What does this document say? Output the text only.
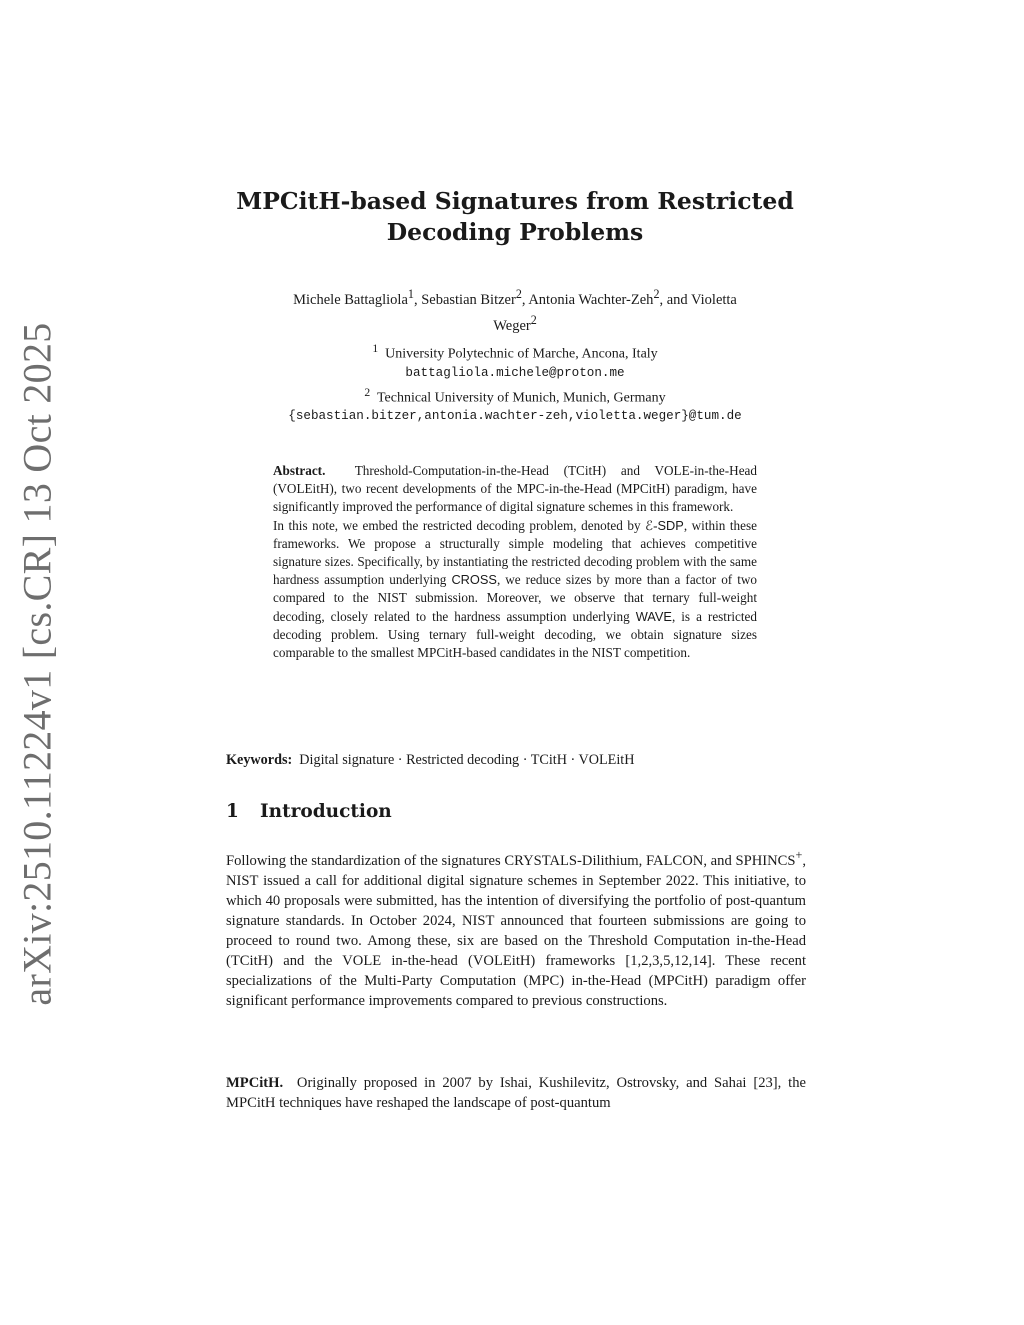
arXiv:2510.11224v1 [cs.CR] 13 Oct 2025
MPCitH-based Signatures from Restricted
Decoding Problems
Michele Battagliola$^1$, Sebastian Bitzer$^2$, Antonia Wachter-Zeh$^2$, and Violetta
Weger$^2$
$^1$ University Polytechnic of Marche, Ancona, Italy
battagliola.michele@proton.me
$^2$ Technical University of Munich, Munich, Germany
{sebastian.bitzer,antonia.wachter-zeh,violetta.weger}@tum.de

Abstract. Threshold-Computation-in-the-Head (TCitH) and VOLE-in-the-Head (VOLEitH), two recent developments of the MPC-in-the-Head (MPCitH) paradigm, have significantly improved the performance of digital signature schemes in this framework.

In this note, we embed the restricted decoding problem, denoted by ℰ-SDP, within these frameworks. We propose a structurally simple modeling that achieves competitive signature sizes. Specifically, by instantiating the restricted decoding problem with the same hardness assumption underlying CROSS, we reduce sizes by more than a factor of two compared to the NIST submission. Moreover, we observe that ternary full-weight decoding, closely related to the hardness assumption underlying WAVE, is a restricted decoding problem. Using ternary full-weight decoding, we obtain signature sizes comparable to the smallest MPCitH-based candidates in the NIST competition.

Keywords: Digital signature · Restricted decoding · TCitH · VOLEitH
1 Introduction

Following the standardization of the signatures CRYSTALS-Dilithium, FALCON, and SPHINCS+, NIST issued a call for additional digital signature schemes in September 2022. This initiative, to which 40 proposals were submitted, has the intention of diversifying the portfolio of post-quantum signature standards. In October 2024, NIST announced that fourteen submissions are going to proceed to round two. Among these, six are based on the Threshold Computation in-the-Head (TCitH) and the VOLE in-the-head (VOLEitH) frameworks [1,2,3,5,12,14]. These recent specializations of the Multi-Party Computation (MPC) in-the-Head (MPCitH) paradigm offer significant performance improvements compared to previous constructions.

MPCitH. Originally proposed in 2007 by Ishai, Kushilevitz, Ostrovsky, and Sahai [23], the MPCitH techniques have reshaped the landscape of post-quantum
